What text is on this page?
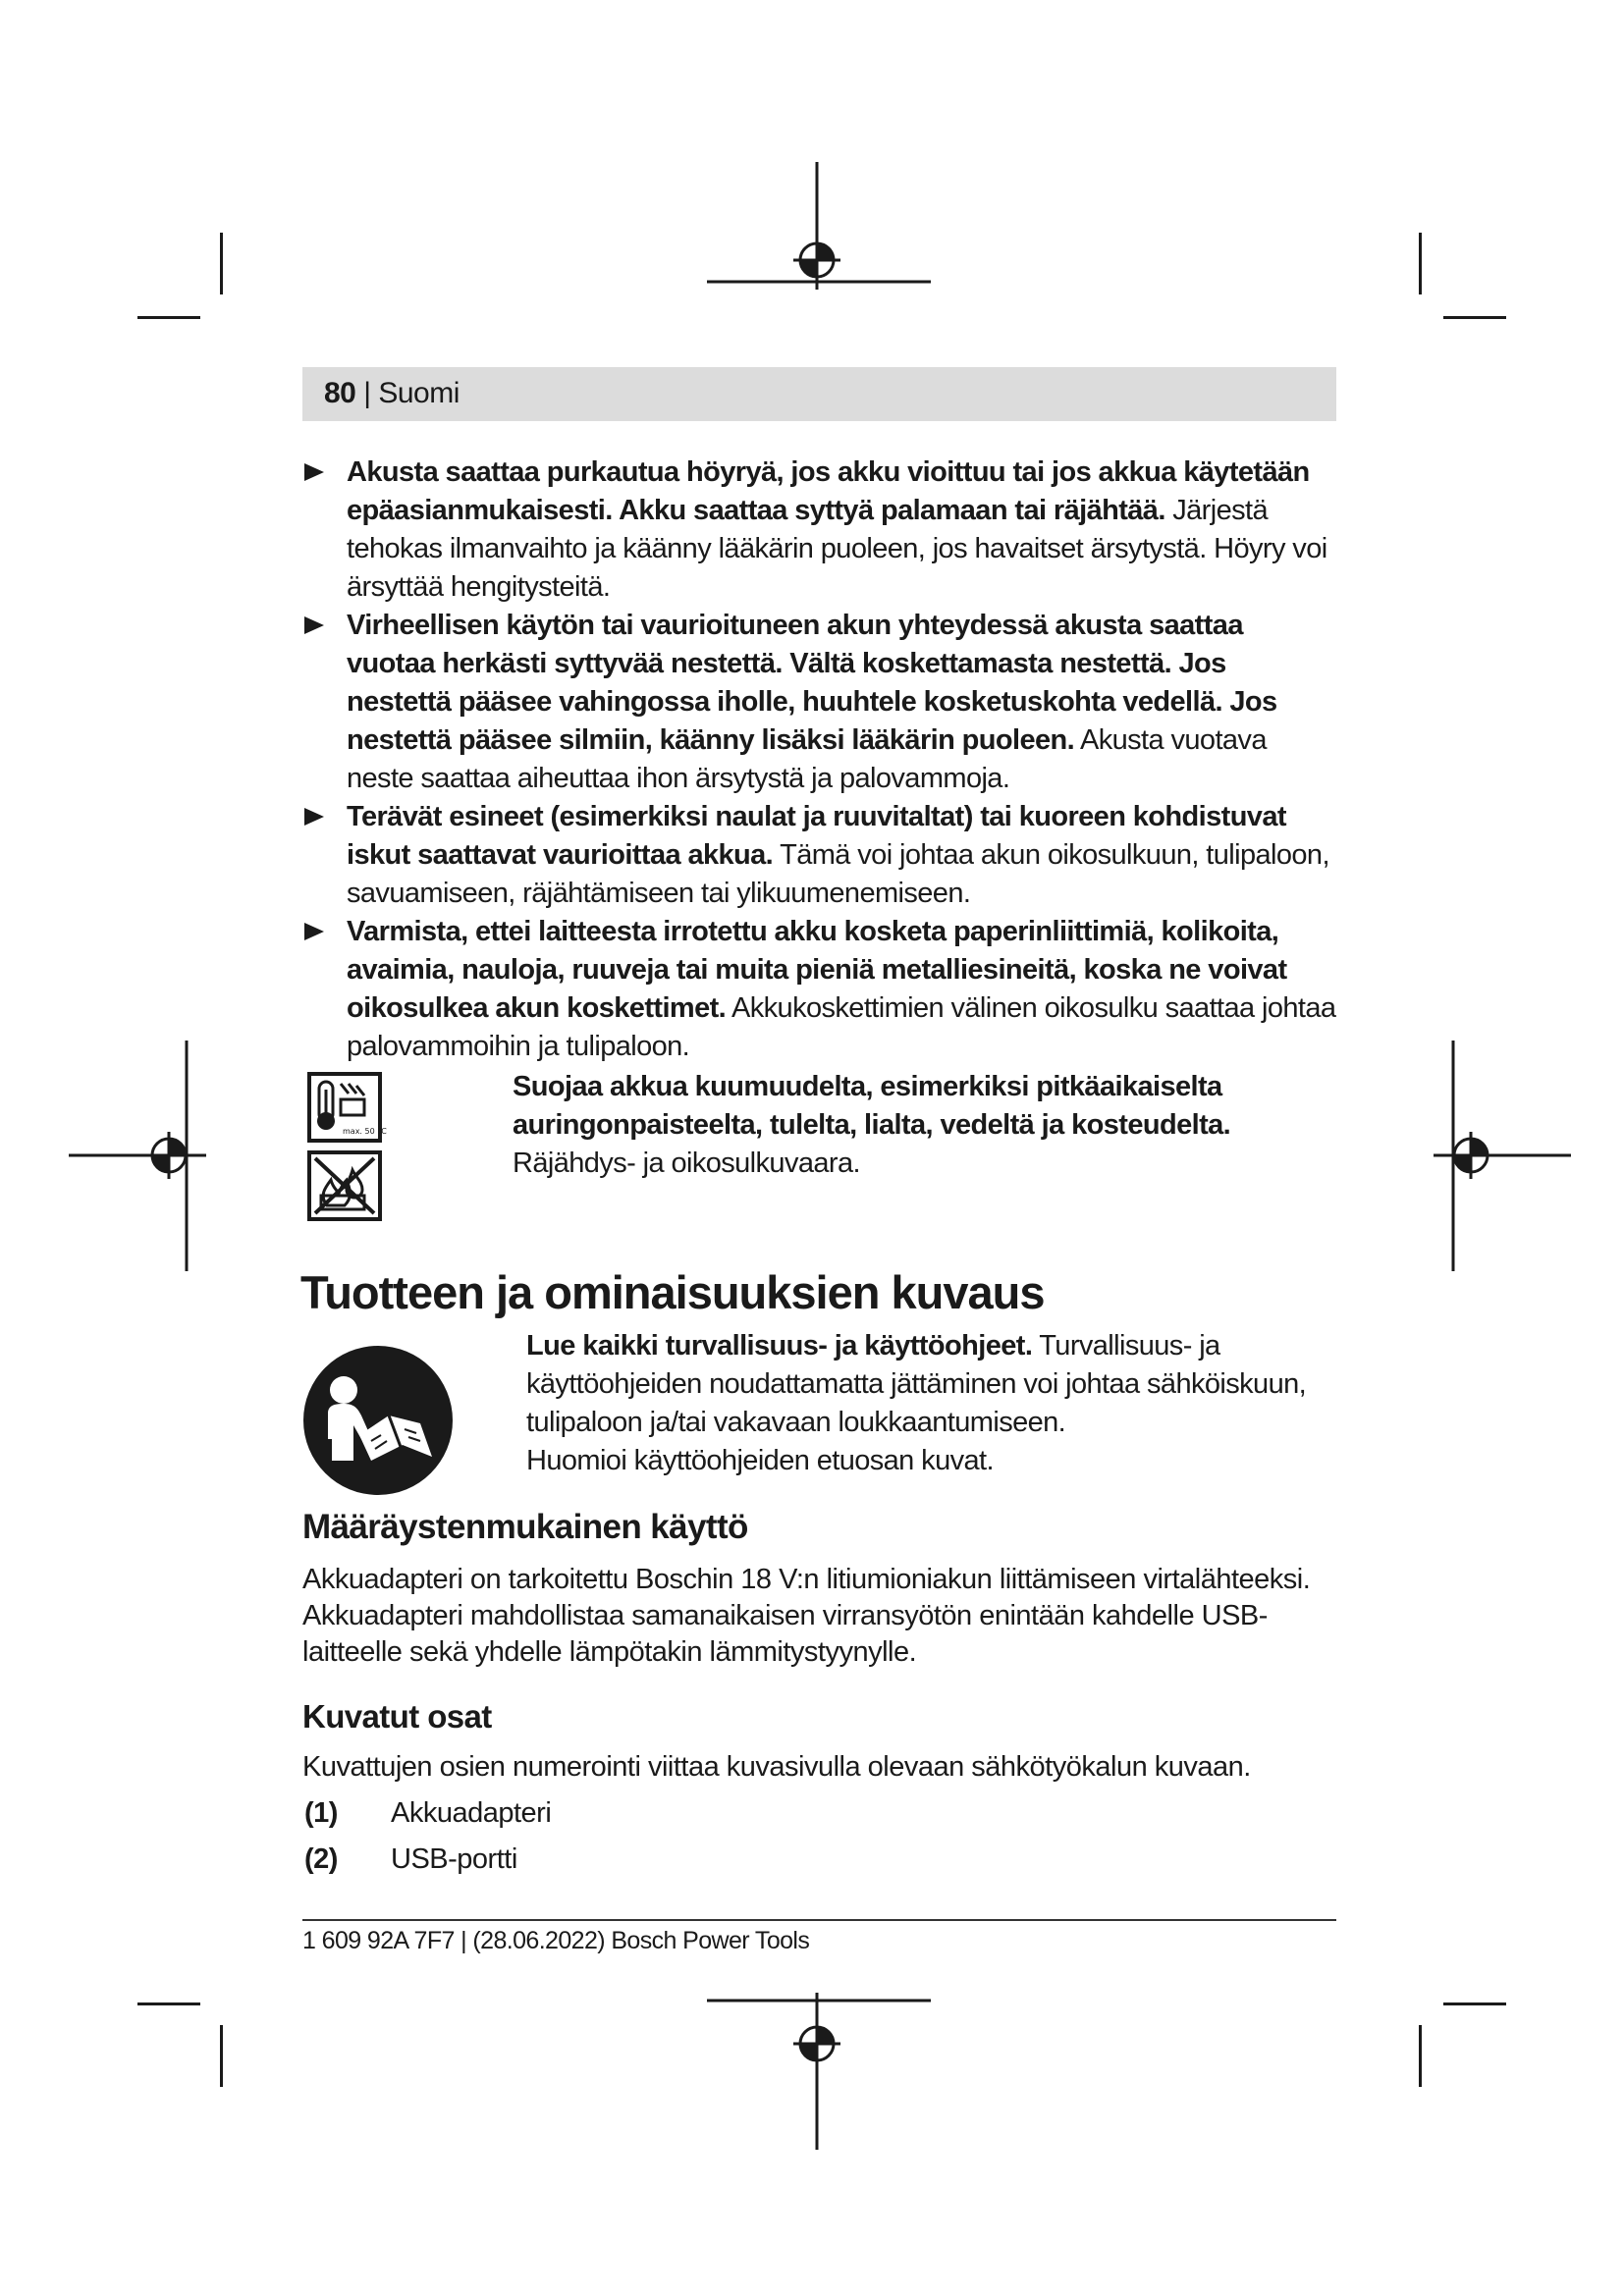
80 | Suomi

Akusta saattaa purkautua höyryä, jos akku vioittuu tai jos akkua käytetään epäasianmukaisesti. Akku saattaa syttyä palamaan tai räjähtää. Järjestä tehokas ilmanvaihto ja käänny lääkärin puoleen, jos havaitset ärsytystä. Höyry voi ärsyttää hengitysteitä.

Virheellisen käytön tai vaurioituneen akun yhteydessä akusta saattaa vuotaa herkästi syttyvää nestettä. Vältä koskettamasta nestettä. Jos nestettä pääsee vahingossa iholle, huuhtele kosketuskohta vedellä. Jos nestettä pääsee silmiin, käänny lisäksi lääkärin puoleen. Akusta vuotava neste saattaa aiheuttaa ihon ärsytystä ja palovammoja.

Terävät esineet (esimerkiksi naulat ja ruuvitaltat) tai kuoreen kohdistuvat iskut saattavat vaurioittaa akkua. Tämä voi johtaa akun oikosulkuun, tulipaloon, savuamiseen, räjähtämiseen tai ylikuumenemiseen.

Varmista, ettei laitteesta irrotettu akku kosketa paperinliittimiä, kolikoita, avaimia, nauloja, ruuveja tai muita pieniä metalliesineitä, koska ne voivat oikosulkea akun koskettimet. Akkukoskettimien välinen oikosulku saattaa johtaa palovammoihin ja tulipaloon.

max. 50 °C
Suojaa akkua kuumuudelta, esimerkiksi pitkäaikaiselta auringonpaisteelta, tulelta, lialta, vedeltä ja kosteudelta. Räjähdys- ja oikosulkuvaara.
Tuotteen ja ominaisuuksien kuvaus
Lue kaikki turvallisuus- ja käyttöohjeet. Turvallisuus- ja käyttöohjeiden noudattamatta jättäminen voi johtaa sähköiskuun, tulipaloon ja/tai vakavaan loukkaantumiseen.
Huomioi käyttöohjeiden etuosan kuvat.
Määräystenmukainen käyttö

Akkuadapteri on tarkoitettu Boschin 18 V:n litiumioniakun liittämiseen virtalähteeksi. Akkuadapteri mahdollistaa samanaikaisen virransyötön enintään kahdelle USB-laitteelle sekä yhdelle lämpötakin lämmitystyynylle.

Kuvatut osat

Kuvattujen osien numerointi viittaa kuvasivulla olevaan sähkötyökalun kuvaan.

(1) Akkuadapteri
(2) USB-portti
1 609 92A 7F7 | (28.06.2022) Bosch Power Tools
